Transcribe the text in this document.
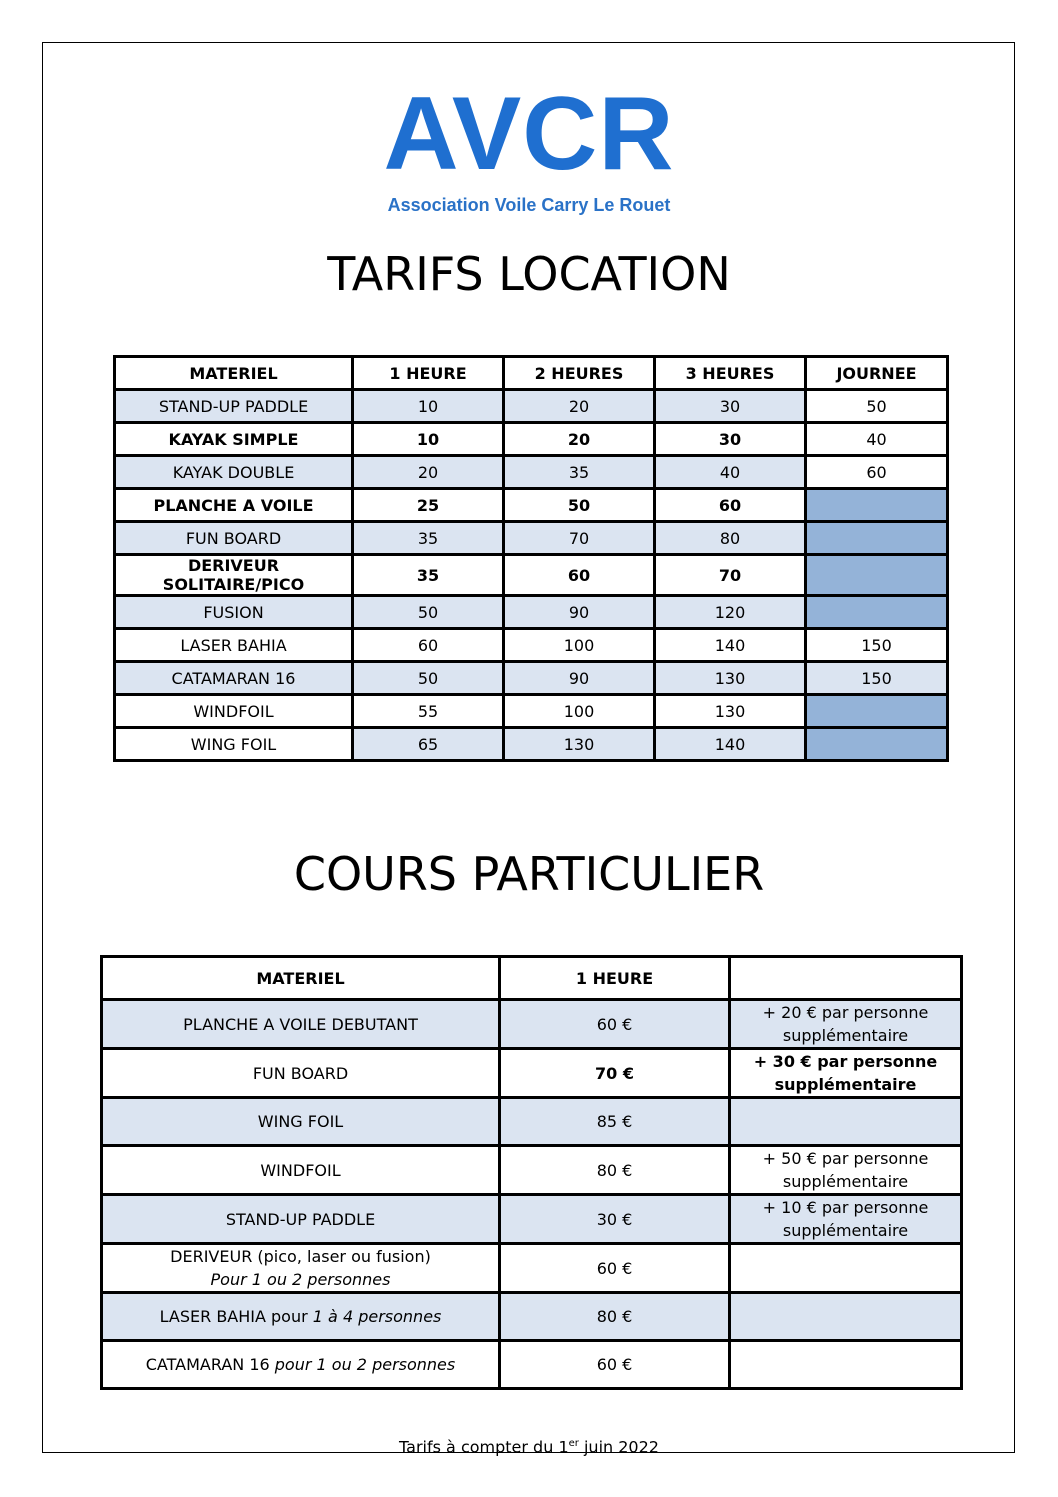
AVCR
Association Voile Carry Le Rouet
TARIFS LOCATION
MATERIEL	1 HEURE	2 HEURES	3 HEURES	JOURNEE
STAND-UP PADDLE	10	20	30	50
KAYAK SIMPLE	10	20	30	40
KAYAK DOUBLE	20	35	40	60
PLANCHE A VOILE	25	50	60	
FUN BOARD	35	70	80	
DERIVEUR SOLITAIRE/PICO	35	60	70	
FUSION	50	90	120	
LASER BAHIA	60	100	140	150
CATAMARAN 16	50	90	130	150
WINDFOIL	55	100	130	
WING FOIL	65	130	140	
COURS PARTICULIER
MATERIEL	1 HEURE	
PLANCHE A VOILE DEBUTANT	60 €	+ 20 € par personne
supplémentaire

FUN BOARD	70 €	+ 30 € par personne
supplémentaire

WING FOIL	85 €	

WINDFOIL	80 €	+ 50 € par personne
supplémentaire

STAND-UP PADDLE	30 €	+ 10 € par personne
supplémentaire

DERIVEUR (pico, laser ou fusion)
Pour 1 ou 2 personnes	60 €	

LASER BAHIA pour 1 à 4 personnes	80 €	

CATAMARAN 16 pour 1 ou 2 personnes	60 €	
Tarifs à compter du 1er juin 2022
